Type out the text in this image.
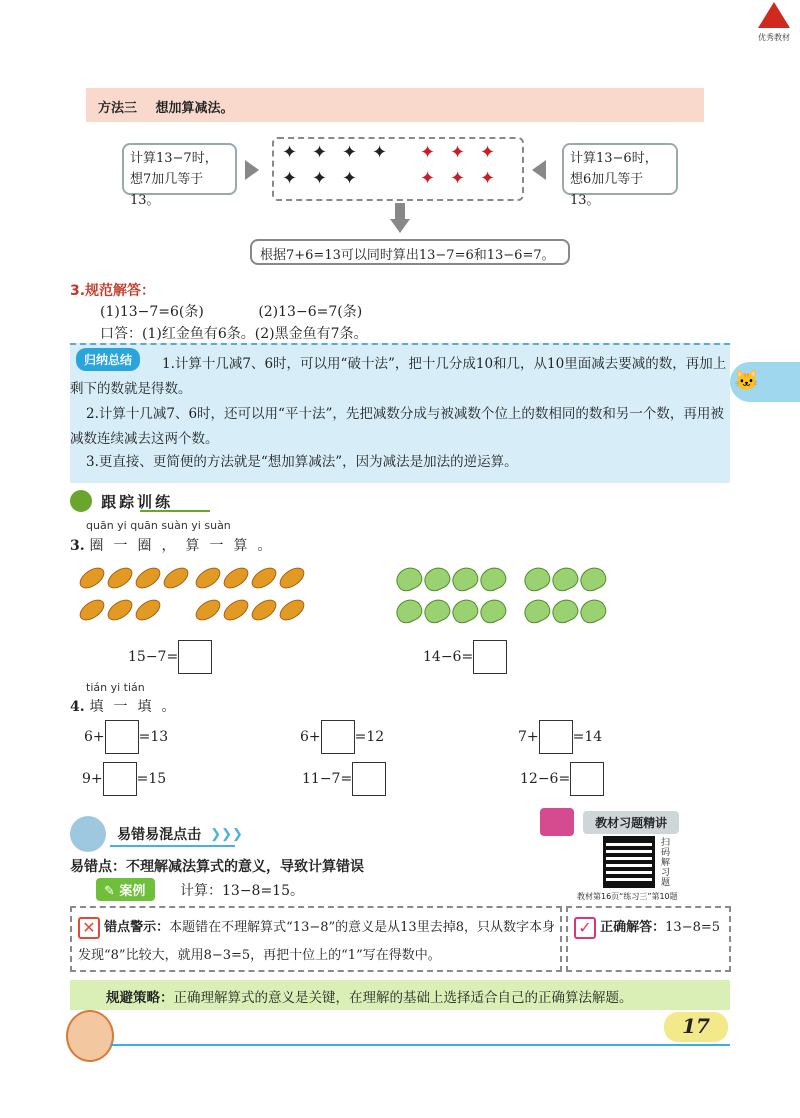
优秀教材
方法三 想加算减法。
计算13−7时，想7加几等于13。
✦ ✦ ✦ ✦
✦ ✦ ✦
✦ ✦ ✦
✦ ✦ ✦
计算13−6时，想6加几等于13。
根据7+6=13可以同时算出13−7=6和13−6=7。
3.规范解答：
(1)13−7=6(条)	(2)13−6=7(条)
口答：(1)红金鱼有6条。(2)黑金鱼有7条。
归纳总结	1.计算十几减7、6时，可以用“破十法”，把十几分成10和几，从10里面减去要减的数，再加上剩下的数就是得数。
2.计算十几减7、6时，还可以用“平十法”，先把减数分成与被减数个位上的数相同的数和另一个数，再用被减数连续减去这两个数。
3.更直接、更简便的方法就是“想加算减法”，因为减法是加法的逆运算。
🐱
跟踪训练
quān yi quān suàn yi suàn
3. 圈一圈，算一算。
15−7=	14−6=
tián yi tián
4. 填一填。
6+ =13	6+ =12	7+ =14
9+ =15	11−7=	12−6=
易错易混点击 ❯❯❯
易错点：不理解减法算式的意义，导致计算错误
✎ 案例	计算：13−8=15。
教材习题精讲
扫码解习题
教材第16页“练习三”第10题
✕ 错点警示：本题错在不理解算式“13−8”的意义是从13里去掉8，只从数字本身发现“8”比较大，就用8−3=5，再把十位上的“1”写在得数中。
✓ 正确解答：13−8=5
规避策略：正确理解算式的意义是关键，在理解的基础上选择适合自己的正确算法解题。
17
